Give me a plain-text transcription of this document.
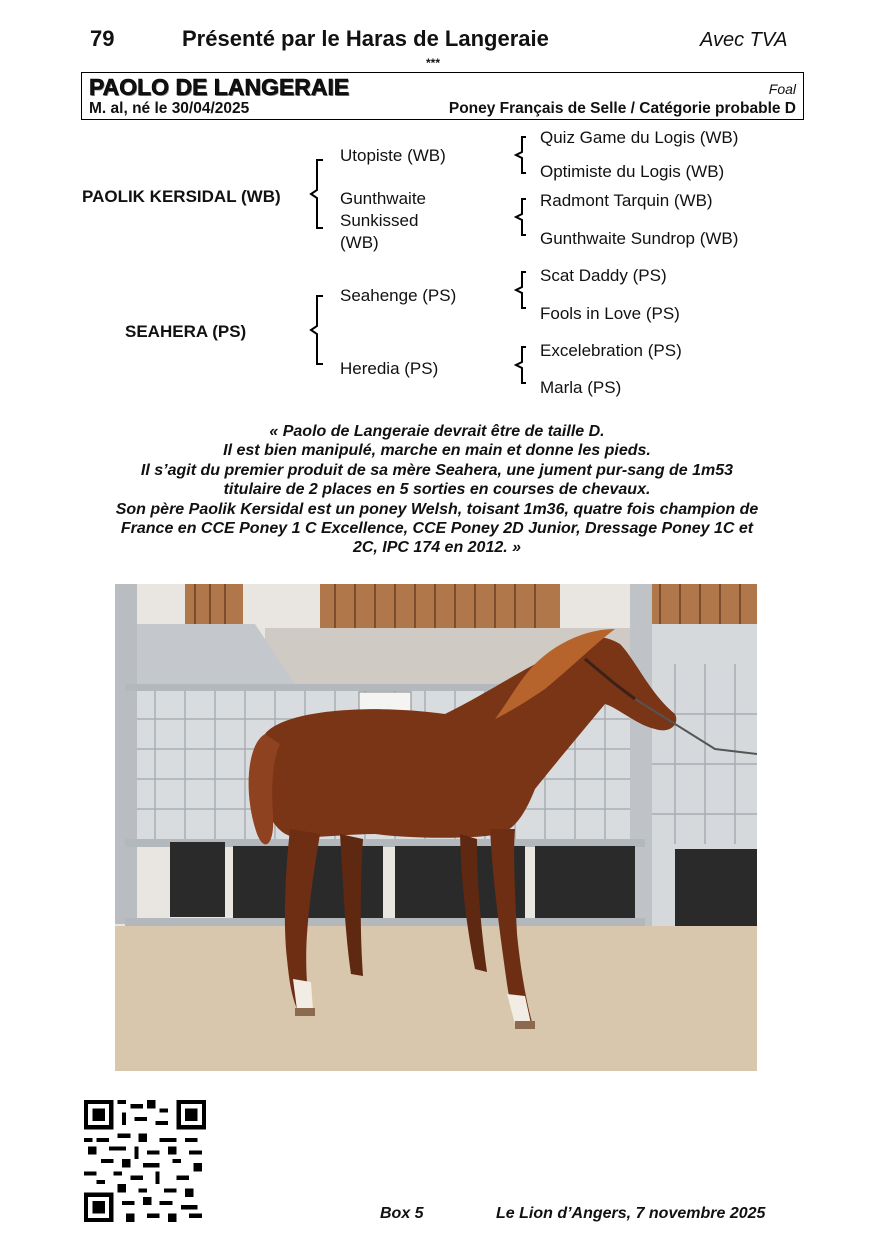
79	Présenté par le Haras de Langeraie	Avec TVA
***
PAOLO DE LANGERAIE	Foal
M. al, né le 30/04/2025	Poney Français de Selle / Catégorie probable D
PAOLIK KERSIDAL (WB)
Utopiste (WB)
Gunthwaite
Sunkissed
(WB)
Quiz Game du Logis (WB)
Optimiste du Logis (WB)
Radmont Tarquin (WB)
Gunthwaite Sundrop (WB)
SEAHERA (PS)
Seahenge (PS)
Heredia (PS)
Scat Daddy (PS)
Fools in Love (PS)
Excelebration (PS)
Marla (PS)
« Paolo de Langeraie devrait être de taille D.
Il est bien manipulé, marche en main et donne les pieds.
Il s’agit du premier produit de sa mère Seahera, une jument pur-sang de 1m53
titulaire de 2 places en 5 sorties en courses de chevaux.
Son père Paolik Kersidal est un poney Welsh, toisant 1m36, quatre fois champion de
France en CCE Poney 1 C Excellence, CCE Poney 2D Junior, Dressage Poney 1C et
2C, IPC 174 en 2012. »
Box 5	Le Lion d’Angers, 7 novembre 2025
